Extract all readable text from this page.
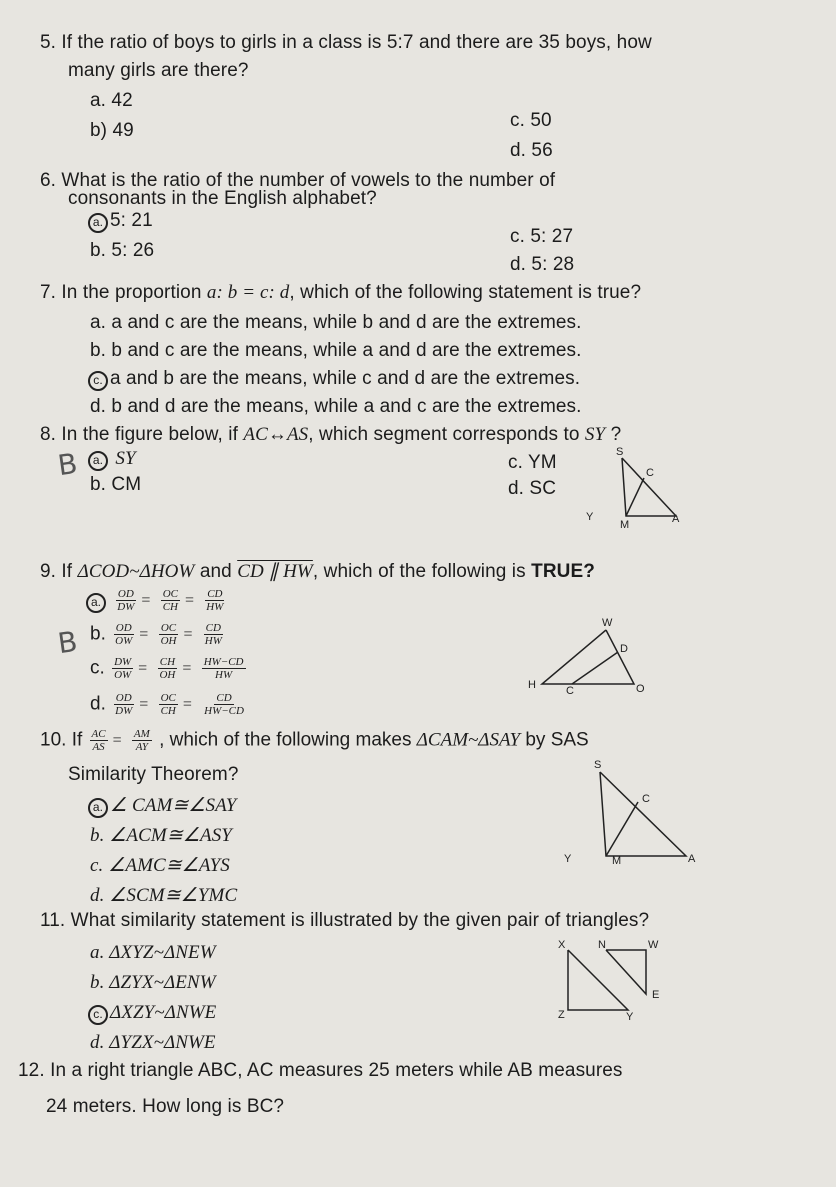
5. If the ratio of boys to girls in a class is 5:7 and there are 35 boys, how
many girls are there?
a. 42
b) 49	c. 50
d. 56
6. What is the ratio of the number of vowels to the number of
consonants in the English alphabet?
a. 5: 21
b. 5: 26
c. 5: 27
d. 5: 28
7. In the proportion a: b = c: d, which of the following statement is true?
a. a and c are the means, while b and d are the extremes.
b. b and c are the means, while a and d are the extremes.
c. a and b are the means, while c and d are the extremes.
d. b and d are the means, while a and c are the extremes.
8. In the figure below, if AC↔AS, which segment corresponds to SY ?
B	a. SY
b. CM
c. YM
d. SC
S
C
Y
M	A
9. If ΔCOD~ΔHOW and CD ∥ HW, which of the following is TRUE?
B
a. $\frac{OD}{DW} = \frac{OC}{CH} = \frac{CD}{HW}$
b. $\frac{OD}{OW} = \frac{OC}{OH} = \frac{CD}{HW}$
c. $\frac{DW}{OW} = \frac{CH}{OH} = \frac{HW-CD}{HW}$
d. $\frac{OD}{DW} = \frac{OC}{CH} = \frac{CD}{HW-CD}$
W
D
H	C	O
10. If $\frac{AC}{AS} = \frac{AM}{AY}$ , which of the following makes ΔCAM~ΔSAY by SAS
Similarity Theorem?
a. ∠ CAM≅∠SAY
b. ∠ACM≅∠ASY
c. ∠AMC≅∠AYS
d. ∠SCM≅∠YMC
S
C
Y	M	A
11. What similarity statement is illustrated by the given pair of triangles?
a. ΔXYZ~ΔNEW
b. ΔZYX~ΔENW
c. ΔXZY~ΔNWE
d. ΔYZX~ΔNWE
X	N	W
Z	Y
E
12. In a right triangle ABC, AC measures 25 meters while AB measures
24 meters. How long is BC?
